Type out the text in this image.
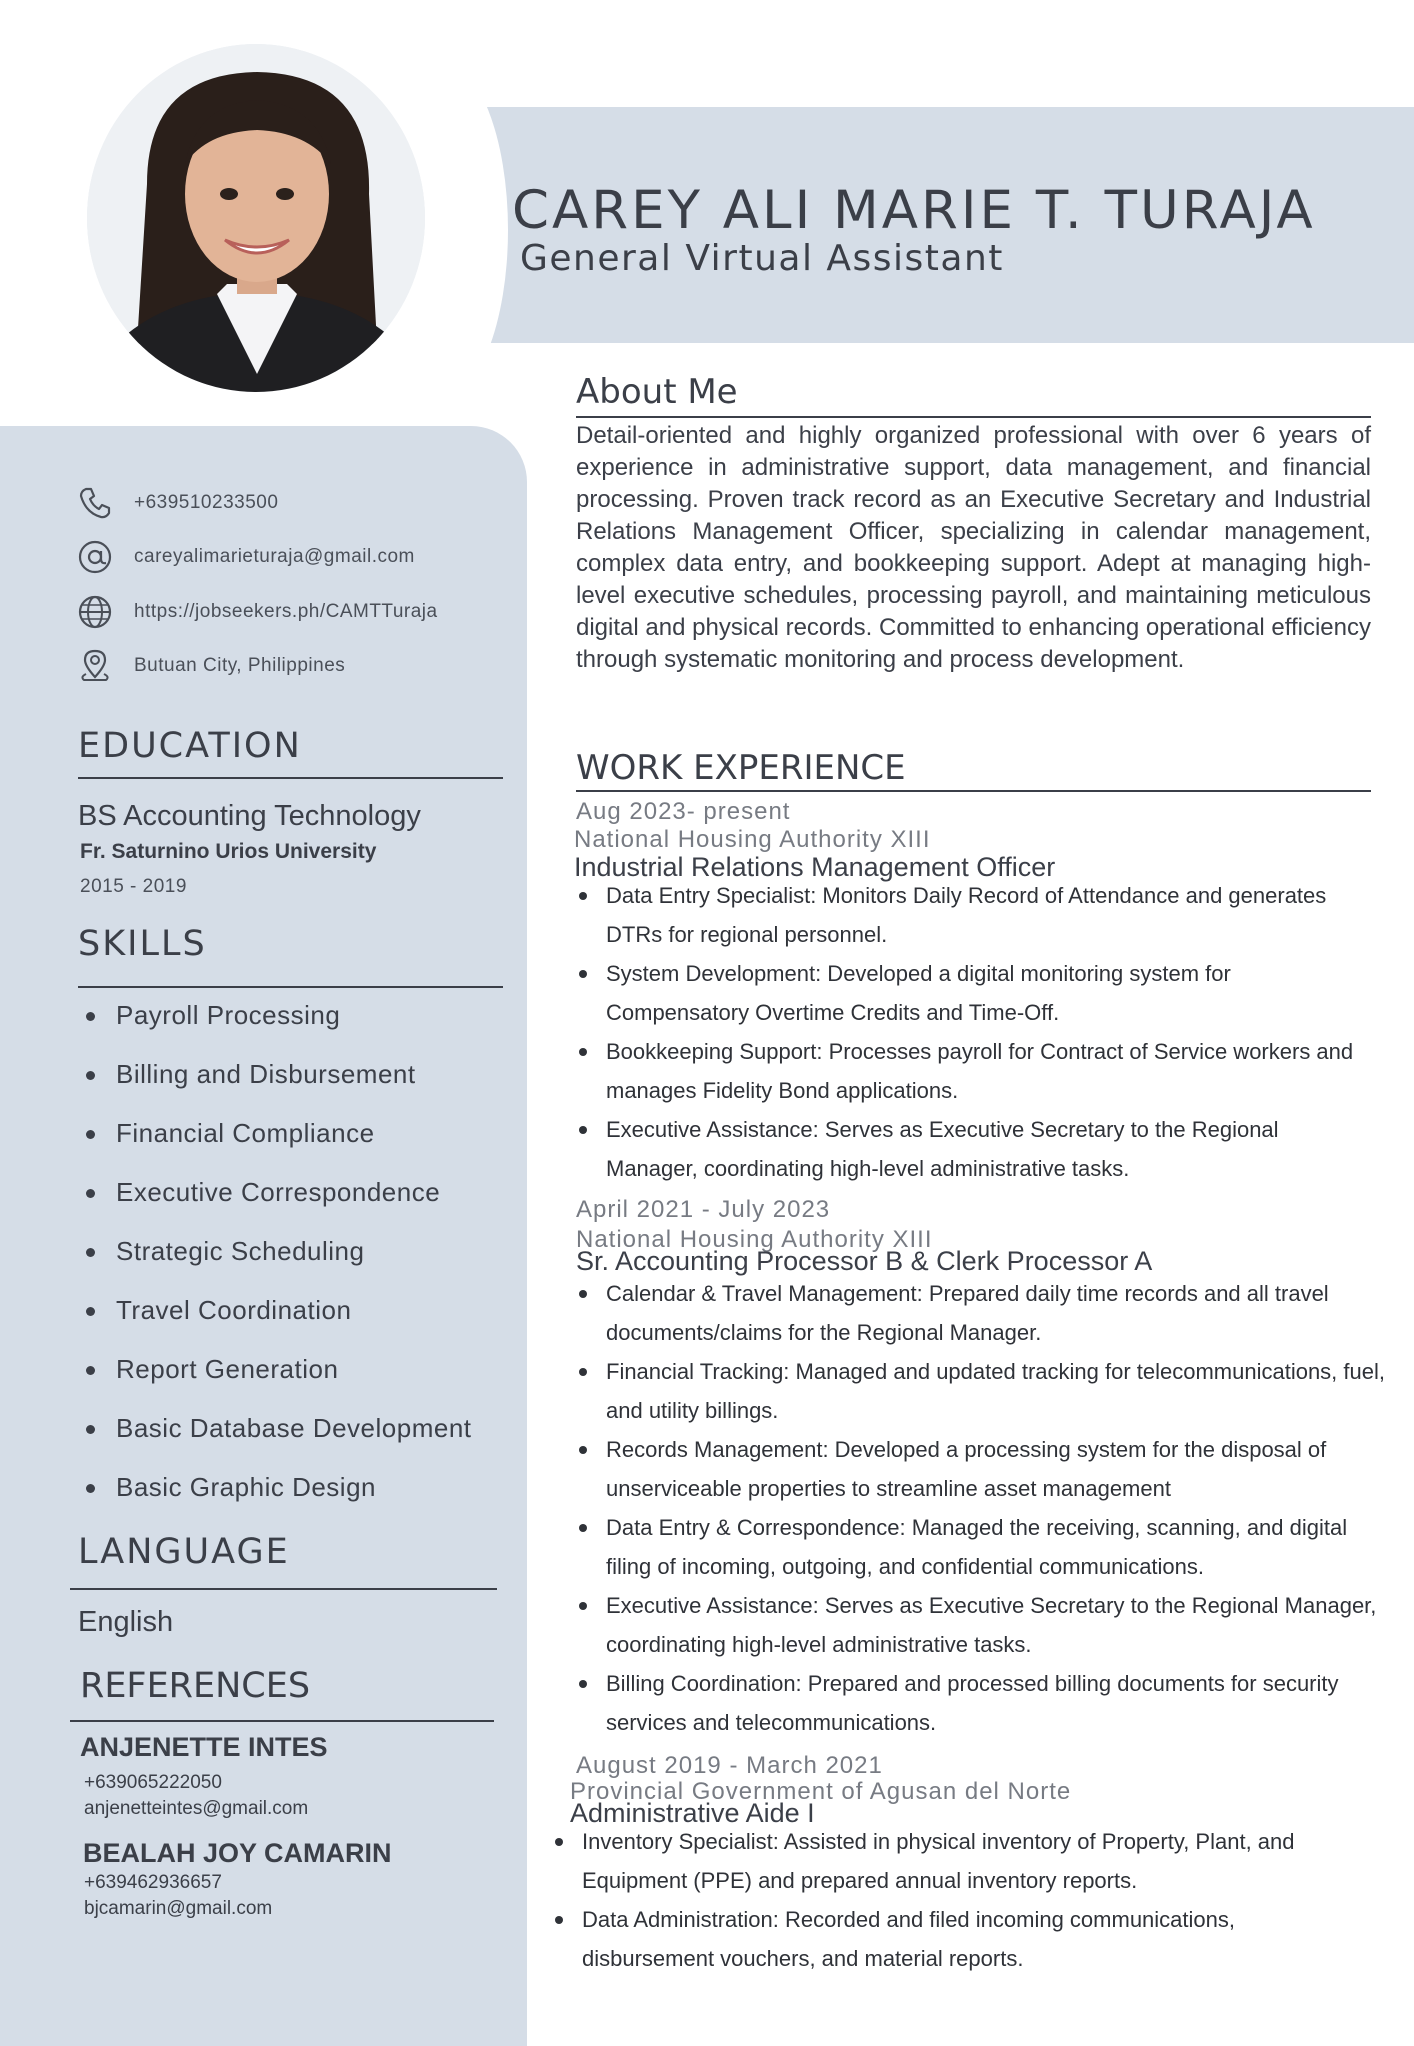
CAREY ALI MARIE T. TURAJA
General Virtual Assistant
+639510233500
careyalimarieturaja@gmail.com
https://jobseekers.ph/CAMTTuraja
Butuan City, Philippines
EDUCATION
BS Accounting Technology
Fr. Saturnino Urios University
2015 - 2019
SKILLS
Payroll Processing
Billing and Disbursement
Financial Compliance
Executive Correspondence
Strategic Scheduling
Travel Coordination
Report Generation
Basic Database Development
Basic Graphic Design
LANGUAGE
English
REFERENCES
ANJENETTE INTES
+639065222050
anjenetteintes@gmail.com
BEALAH JOY CAMARIN
+639462936657
bjcamarin@gmail.com
About Me

Detail-oriented and highly organized professional with over 6 years of experience in administrative support, data management, and financial processing. Proven track record as an Executive Secretary and Industrial Relations Management Officer, specializing in calendar management, complex data entry, and bookkeeping support. Adept at managing high-level executive schedules, processing payroll, and maintaining meticulous digital and physical records. Committed to enhancing operational efficiency through systematic monitoring and process development.

WORK EXPERIENCE
Aug 2023- present
National Housing Authority XIII
Industrial Relations Management Officer
Data Entry Specialist: Monitors Daily Record of Attendance and generates DTRs for regional personnel.
System Development: Developed a digital monitoring system for Compensatory Overtime Credits and Time-Off.
Bookkeeping Support: Processes payroll for Contract of Service workers and manages Fidelity Bond applications.
Executive Assistance: Serves as Executive Secretary to the Regional Manager, coordinating high-level administrative tasks.
April 2021 - July 2023
National Housing Authority XIII
Sr. Accounting Processor B & Clerk Processor A
Calendar & Travel Management: Prepared daily time records and all travel documents/claims for the Regional Manager.
Financial Tracking: Managed and updated tracking for telecommunications, fuel, and utility billings.
Records Management: Developed a processing system for the disposal of unserviceable properties to streamline asset management
Data Entry & Correspondence: Managed the receiving, scanning, and digital filing of incoming, outgoing, and confidential communications.
Executive Assistance: Serves as Executive Secretary to the Regional Manager, coordinating high-level administrative tasks.
Billing Coordination: Prepared and processed billing documents for security services and telecommunications.
August 2019 - March 2021
Provincial Government of Agusan del Norte
Administrative Aide I
Inventory Specialist: Assisted in physical inventory of Property, Plant, and Equipment (PPE) and prepared annual inventory reports.
Data Administration: Recorded and filed incoming communications, disbursement vouchers, and material reports.
